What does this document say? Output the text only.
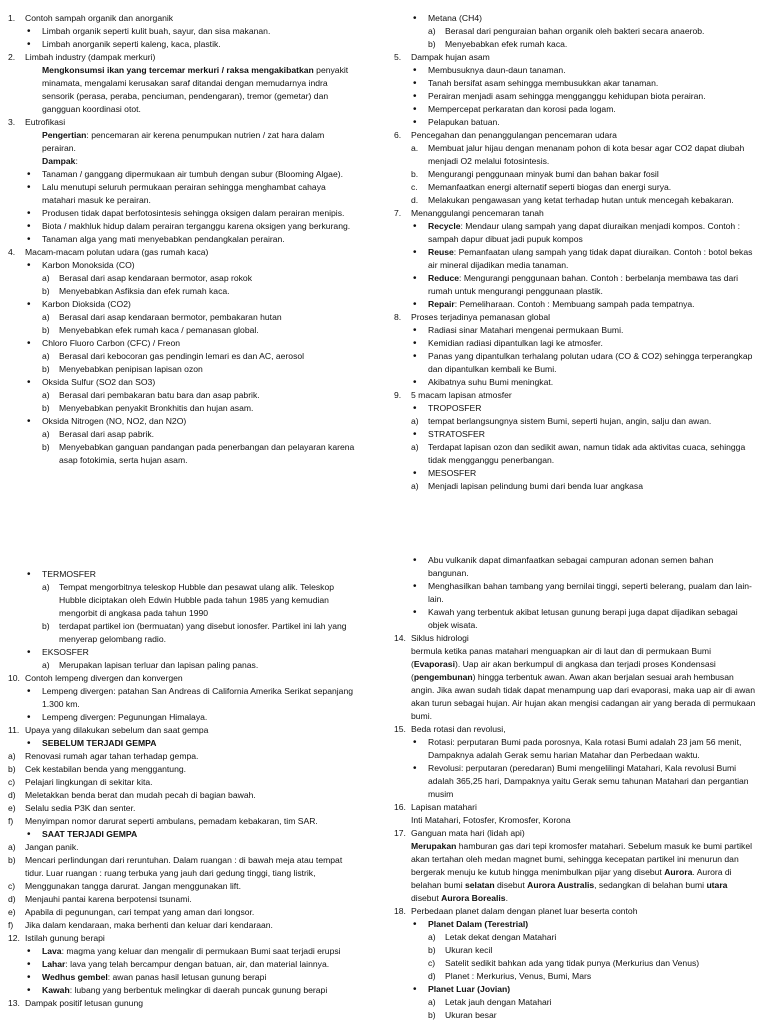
1.	Contoh sampah organik dan anorganik
•
Limbah organik seperti kulit buah, sayur, dan sisa makanan.
•
Limbah anorganik seperti kaleng, kaca, plastik.
2.	Limbah industry (dampak merkuri)
Mengkonsumsi ikan yang tercemar merkuri / raksa mengakibatkan penyakit minamata, mengalami kerusakan saraf ditandai dengan memudarnya indra sensorik (perasa, peraba, penciuman, pendengaran), tremor (gemetar) dan gangguan koordinasi otot.
3.	Eutrofikasi
Pengertian: pencemaran air kerena penumpukan nutrien / zat hara dalam perairan.
Dampak:
•
Tanaman / ganggang dipermukaan air tumbuh dengan subur (Blooming Algae).
•
Lalu menutupi seluruh permukaan perairan sehingga menghambat cahaya matahari masuk ke perairan.
•
Produsen tidak dapat berfotosintesis sehingga oksigen dalam perairan menipis.
•
Biota / makhluk hidup dalam perairan terganggu karena oksigen yang berkurang.
•
Tanaman alga yang mati menyebabkan pendangkalan perairan.
4.	Macam-macam polutan udara (gas rumah kaca)
•
Karbon Monoksida (CO)
a)	Berasal dari asap kendaraan bermotor, asap rokok
b)	Menyebabkan Asfiksia dan efek rumah kaca.
•
Karbon Dioksida (CO2)
a)	Berasal dari asap kendaraan bermotor, pembakaran hutan
b)	Menyebabkan efek rumah kaca / pemanasan global.
•
Chloro Fluoro Carbon (CFC) / Freon
a)	Berasal dari kebocoran gas pendingin lemari es dan AC, aerosol
b)	Menyebabkan penipisan lapisan ozon
•
Oksida Sulfur (SO2 dan SO3)
a)	Berasal dari pembakaran batu bara dan asap pabrik.
b)	Menyebabkan penyakit Bronkhitis dan hujan asam.
•
Oksida Nitrogen (NO, NO2, dan N2O)
a)	Berasal dari asap pabrik.
b)	Menyebabkan ganguan pandangan pada penerbangan dan pelayaran karena asap fotokimia, serta hujan asam.
•
Metana (CH4)
a)	Berasal dari penguraian bahan organik oleh bakteri secara anaerob.
b)	Menyebabkan efek rumah kaca.
5.	Dampak hujan asam
•
Membusuknya daun-daun tanaman.
•
Tanah bersifat asam sehingga membusukkan akar tanaman.
•
Perairan menjadi asam sehingga mengganggu kehidupan biota perairan.
•
Mempercepat perkaratan dan korosi pada logam.
•
Pelapukan batuan.
6.	Pencegahan dan penanggulangan pencemaran udara
a.	Membuat jalur hijau dengan menanam pohon di kota besar agar CO2 dapat diubah menjadi O2 melalui fotosintesis.
b.	Mengurangi penggunaan minyak bumi dan bahan bakar fosil
c.	Memanfaatkan energi alternatif seperti biogas dan energi surya.
d.	Melakukan pengawasan yang ketat terhadap hutan untuk mencegah kebakaran.
7.	Menanggulangi pencemaran tanah
•
Recycle: Mendaur ulang sampah yang dapat diuraikan menjadi kompos. Contoh : sampah dapur dibuat jadi pupuk kompos
•
Reuse: Pemanfaatan ulang sampah yang tidak dapat diuraikan. Contoh : botol bekas air mineral dijadikan media tanaman.
•
Reduce: Mengurangi penggunaan bahan. Contoh : berbelanja membawa tas dari rumah untuk mengurangi penggunaan plastik.
•
Repair: Pemeliharaan. Contoh : Membuang sampah pada tempatnya.
8.	Proses terjadinya pemanasan global
•
Radiasi sinar Matahari mengenai permukaan Bumi.
•
Kemidian radiasi dipantulkan lagi ke atmosfer.
•
Panas yang dipantulkan terhalang polutan udara (CO & CO2) sehingga terperangkap dan dipantulkan kembali ke Bumi.
•
Akibatnya suhu Bumi meningkat.
9.	5 macam lapisan atmosfer
•
TROPOSFER
a)	tempat berlangsungnya sistem Bumi, seperti hujan, angin, salju dan awan.
•
STRATOSFER
a)	Terdapat lapisan ozon dan sedikit awan, namun tidak ada aktivitas cuaca, sehingga tidak mengganggu penerbangan.
•
MESOSFER
a)	Menjadi lapisan pelindung bumi dari benda luar angkasa
•
TERMOSFER
a)	Tempat mengorbitnya teleskop Hubble dan pesawat ulang alik. Teleskop Hubble diciptakan oleh Edwin Hubble pada tahun 1985 yang kemudian mengorbit di angkasa pada tahun 1990
b)	terdapat partikel ion (bermuatan) yang disebut ionosfer. Partikel ini lah yang menyerap gelombang radio.
•
EKSOSFER
a)	Merupakan lapisan terluar dan lapisan paling panas.
10. Contoh lempeng divergen dan konvergen
•
Lempeng divergen: patahan San Andreas di California Amerika Serikat sepanjang 1.300 km.
•
Lempeng divergen: Pegunungan Himalaya.
11. Upaya yang dilakukan sebelum dan saat gempa
•
SEBELUM TERJADI GEMPA
a)	Renovasi rumah agar tahan terhadap gempa.
b)	Cek kestabilan benda yang menggantung.
c)	Pelajari lingkungan di sekitar kita.
d)	Meletakkan benda berat dan mudah pecah di bagian bawah.
e)	Selalu sedia P3K dan senter.
f)	Menyimpan nomor darurat seperti ambulans, pemadam kebakaran, tim SAR.
•
SAAT TERJADI GEMPA
a)	Jangan panik.
b)	Mencari perlindungan dari reruntuhan. Dalam ruangan : di bawah meja atau tempat tidur. Luar ruangan : ruang terbuka yang jauh dari gedung tinggi, tiang listrik,
c)	Menggunakan tangga darurat. Jangan menggunakan lift.
d)	Menjauhi pantai karena berpotensi tsunami.
e)	Apabila di pegunungan, cari tempat yang aman dari longsor.
f)	Jika dalam kendaraan, maka berhenti dan keluar dari kendaraan.
12. Istilah gunung berapi
•
Lava: magma yang keluar dan mengalir di permukaan Bumi saat terjadi erupsi
•
Lahar: lava yang telah bercampur dengan batuan, air, dan material lainnya.
•
Wedhus gembel: awan panas hasil letusan gunung berapi
•
Kawah: lubang yang berbentuk melingkar di daerah puncak gunung berapi
13. Dampak positif letusan gunung
•
Abu vulkanik dapat dimanfaatkan sebagai campuran adonan semen bahan bangunan.
•
Menghasilkan bahan tambang yang bernilai tinggi, seperti belerang, pualam dan lain-lain.
•
Kawah yang terbentuk akibat letusan gunung berapi juga dapat dijadikan sebagai objek wisata.
14. Siklus hidrologi
bermula ketika panas matahari menguapkan air di laut dan di permukaan Bumi (Evaporasi). Uap air akan berkumpul di angkasa dan terjadi proses Kondensasi (pengembunan) hingga terbentuk awan. Awan akan berjalan sesuai arah hembusan angin. Jika awan sudah tidak dapat menampung uap dari evaporasi, maka uap air di awan akan turun sebagai hujan. Air hujan akan mengisi cadangan air yang berada di permukaan bumi.
15. Beda rotasi dan revolusi,
•
Rotasi: perputaran Bumi pada porosnya, Kala rotasi Bumi adalah 23 jam 56 menit, Dampaknya adalah Gerak semu harian Matahar dan Perbedaan waktu.
•
Revolusi: perputaran (peredaran) Bumi mengelilingi Matahari, Kala revolusi Bumi adalah 365,25 hari, Dampaknya yaitu Gerak semu tahunan Matahari dan pergantian musim
16. Lapisan matahari
Inti Matahari, Fotosfer, Kromosfer, Korona
17. Ganguan mata hari (lidah api)
Merupakan hamburan gas dari tepi kromosfer matahari. Sebelum masuk ke bumi partikel akan tertahan oleh medan magnet bumi, sehingga kecepatan partikel ini menurun dan bergerak menuju ke kutub hingga menimbulkan pijar yang disebut Aurora. Aurora di belahan bumi selatan disebut Aurora Australis, sedangkan di belahan bumi utara disebut Aurora Borealis.
18. Perbedaan planet dalam dengan planet luar beserta contoh
•
Planet Dalam (Terestrial)
a)	Letak dekat dengan Matahari
b)	Ukuran kecil
c)	Satelit sedikit bahkan ada yang tidak punya (Merkurius dan Venus)
d)	Planet : Merkurius, Venus, Bumi, Mars
•
Planet Luar (Jovian)
a)	Letak jauh dengan Matahari
b)	Ukuran besar
